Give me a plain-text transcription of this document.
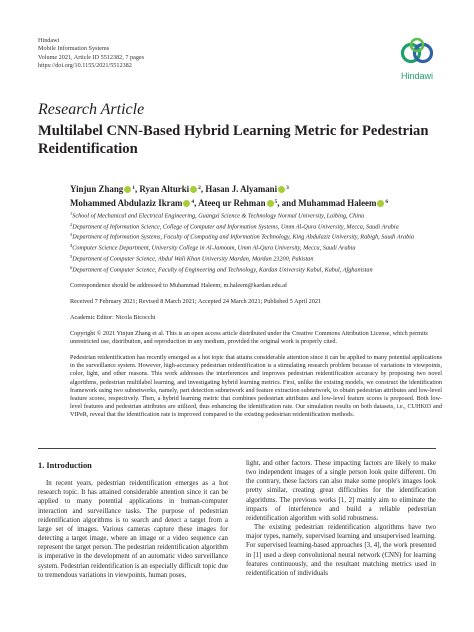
Hindawi
Mobile Information Systems
Volume 2021, Article ID 5512382, 7 pages
https://doi.org/10.1155/2021/5512382
Hindawi
Research Article
Multilabel CNN-Based Hybrid Learning Metric for Pedestrian Reidentification
Yinjun Zhang $^1$, Ryan Alturki $^2$, Hasan J. Alyamani $^3$
Mohammed Abdulaziz Ikram $^4$, Ateeq ur Rehman $^5$, and Muhammad Haleem $^6$

$^1$School of Mechanical and Electrical Engineering, Guangxi Science & Technology Normal University, Laibing, China

$^2$Department of Information Science, College of Computer and Information Systems, Umm Al-Qura University, Mecca, Saudi Arabia

$^3$Department of Information Systems, Faculty of Computing and Information Technology, King Abdulaziz University, Rabigh, Saudi Arabia

$^4$Computer Science Department, University College in Al-Jamoum, Umm Al-Qura University, Mecca, Saudi Arabia

$^5$Department of Computer Science, Abdul Wali Khan University Mardan, Mardan 23200, Pakistan

$^6$Department of Computer Science, Faculty of Engineering and Technology, Kardan University Kabul, Kabul, Afghanistan

Correspondence should be addressed to Muhammad Haleem; m.haleem@kardan.edu.af
Received 7 February 2021; Revised 8 March 2021; Accepted 24 March 2021; Published 5 April 2021
Academic Editor: Nicola Bicocchi
Copyright © 2021 Yinjun Zhang et al. This is an open access article distributed under the Creative Commons Attribution License, which permits unrestricted use, distribution, and reproduction in any medium, provided the original work is properly cited.
Pedestrian reidentification has recently emerged as a hot topic that attains considerable attention since it can be applied to many potential applications in the surveillance system. However, high-accuracy pedestrian reidentification is a stimulating research problem because of variations in viewpoints, color, light, and other reasons. This work addresses the interferences and improves pedestrian reidentification accuracy by proposing two novel algorithms, pedestrian multilabel learning, and investigating hybrid learning metrics. First, unlike the existing models, we construct the identification framework using two subnetworks, namely, part detection subnetwork and feature extraction subnetwork, to obtain pedestrian attributes and low-level feature scores, respectively. Then, a hybrid learning metric that combines pedestrian attributes and low-level feature scores is proposed. Both low-level features and pedestrian attributes are utilized, thus enhancing the identification rate. Our simulation results on both datasets, i.e., CUHK03 and VIPeR, reveal that the identification rate is improved compared to the existing pedestrian reidentification methods.
1. Introduction

In recent years, pedestrian reidentification emerges as a hot research topic. It has attained considerable attention since it can be applied to many potential applications in human-computer interaction and surveillance tasks. The purpose of pedestrian reidentification algorithms is to search and detect a target from a large set of images. Various cameras capture these images for detecting a target image, where an image or a video sequence can represent the target person. The pedestrian reidentification algorithm is imperative in the development of an automatic video surveillance system. Pedestrian reidentification is an especially difficult topic due to tremendous variations in viewpoints, human poses,

light, and other factors. These impacting factors are likely to make two independent images of a single person look quite different. On the contrary, these factors can also make some people's images look pretty similar, creating great difficulties for the identification algorithms. The previous works [1, 2] mainly aim to eliminate the impacts of interference and build a reliable pedestrian reidentification algorithm with solid robustness.

The existing pedestrian reidentification algorithms have two major types, namely, supervised learning and unsupervised learning. For supervised learning-based approaches [3, 4], the work presented in [1] used a deep convolutional neural network (CNN) for learning features continuously, and the resultant matching metrics used in reidentification of individuals
